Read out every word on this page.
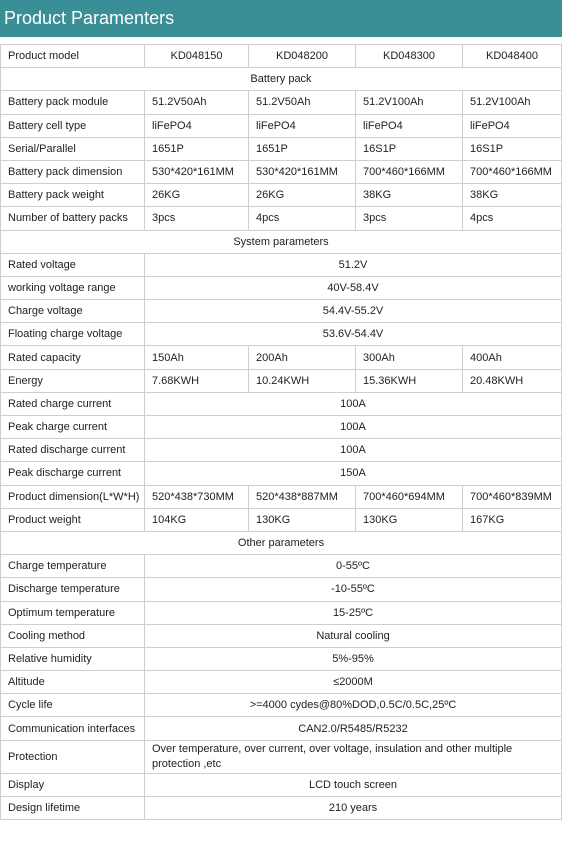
Product Paramenters
Product model	KD048150	KD048200	KD048300	KD048400
Battery pack				
Battery pack module	51.2V50Ah	51.2V50Ah	51.2V100Ah	51.2V100Ah
Battery cell type	liFePO4	liFePO4	liFePO4	liFePO4
Serial/Parallel	1651P	1651P	16S1P	16S1P
Battery pack dimension	530*420*161MM	530*420*161MM	700*460*166MM	700*460*166MM
Battery pack weight	26KG	26KG	38KG	38KG
Number of battery packs	3pcs	4pcs	3pcs	4pcs
System parameters				
Rated voltage	51.2V			
working voltage range	40V-58.4V			
Charge voltage	54.4V-55.2V			
Floating charge voltage	53.6V-54.4V			
Rated capacity	150Ah	200Ah	300Ah	400Ah
Energy	7.68KWH	10.24KWH	15.36KWH	20.48KWH
Rated charge current	100A			
Peak charge current	100A			
Rated discharge current	100A			
Peak discharge current	150A			
Product dimension(L*W*H)	520*438*730MM	520*438*887MM	700*460*694MM	700*460*839MM
Product weight	104KG	130KG	130KG	167KG
Other parameters				
Charge temperature	0-55ºC			
Discharge temperature	-10-55ºC			
Optimum temperature	15-25ºC			
Cooling method	Natural cooling			
Relative humidity	5%-95%			
Altitude	≤2000M			
Cycle life	>=4000 cydes@80%DOD,0.5C/0.5C,25ºC			
Communication interfaces	CAN2.0/R5485/R5232			
Protection	Over temperature, over current, over voltage, insulation and other multiple protection ,etc			
Display	LCD touch screen			
Design lifetime	210 years			
